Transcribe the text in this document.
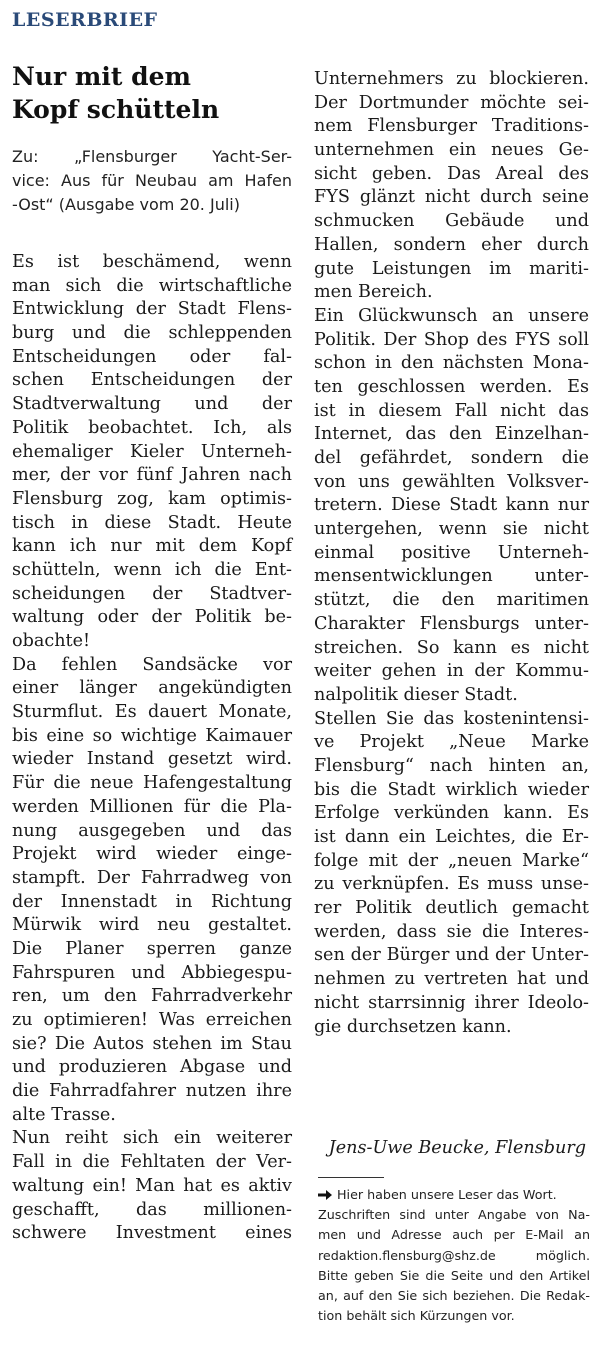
LESERBRIEF
Nur mit dem
Kopf schütteln
Zu: „Flensburger Yacht-Ser-
vice: Aus für Neubau am Hafen
-Ost“ (Ausgabe vom 20. Juli)
Es ist beschämend, wenn
man sich die wirtschaftliche
Entwicklung der Stadt Flens-
burg und die schleppenden
Entscheidungen oder fal-
schen Entscheidungen der
Stadtverwaltung und der
Politik beobachtet. Ich, als
ehemaliger Kieler Unterneh-
mer, der vor fünf Jahren nach
Flensburg zog, kam optimis-
tisch in diese Stadt. Heute
kann ich nur mit dem Kopf
schütteln, wenn ich die Ent-
scheidungen der Stadtver-
waltung oder der Politik be-
obachte!
Da fehlen Sandsäcke vor
einer länger angekündigten
Sturmflut. Es dauert Monate,
bis eine so wichtige Kaimauer
wieder Instand gesetzt wird.
Für die neue Hafengestaltung
werden Millionen für die Pla-
nung ausgegeben und das
Projekt wird wieder einge-
stampft. Der Fahrradweg von
der Innenstadt in Richtung
Mürwik wird neu gestaltet.
Die Planer sperren ganze
Fahrspuren und Abbiegespu-
ren, um den Fahrradverkehr
zu optimieren! Was erreichen
sie? Die Autos stehen im Stau
und produzieren Abgase und
die Fahrradfahrer nutzen ihre
alte Trasse.
Nun reiht sich ein weiterer
Fall in die Fehltaten der Ver-
waltung ein! Man hat es aktiv
geschafft, das millionen-
schwere Investment eines
Unternehmers zu blockieren.
Der Dortmunder möchte sei-
nem Flensburger Traditions-
unternehmen ein neues Ge-
sicht geben. Das Areal des
FYS glänzt nicht durch seine
schmucken Gebäude und
Hallen, sondern eher durch
gute Leistungen im mariti-
men Bereich.
Ein Glückwunsch an unsere
Politik. Der Shop des FYS soll
schon in den nächsten Mona-
ten geschlossen werden. Es
ist in diesem Fall nicht das
Internet, das den Einzelhan-
del gefährdet, sondern die
von uns gewählten Volksver-
tretern. Diese Stadt kann nur
untergehen, wenn sie nicht
einmal positive Unterneh-
mensentwicklungen unter-
stützt, die den maritimen
Charakter Flensburgs unter-
streichen. So kann es nicht
weiter gehen in der Kommu-
nalpolitik dieser Stadt.
Stellen Sie das kostenintensi-
ve Projekt „Neue Marke
Flensburg“ nach hinten an,
bis die Stadt wirklich wieder
Erfolge verkünden kann. Es
ist dann ein Leichtes, die Er-
folge mit der „neuen Marke“
zu verknüpfen. Es muss unse-
rer Politik deutlich gemacht
werden, dass sie die Interes-
sen der Bürger und der Unter-
nehmen zu vertreten hat und
nicht starrsinnig ihrer Ideolo-
gie durchsetzen kann.
Jens-Uwe Beucke, Flensburg
Hier haben unsere Leser das Wort.
Zuschriften sind unter Angabe von Na-
men und Adresse auch per E-Mail an
redaktion.flensburg@shz.de möglich.
Bitte geben Sie die Seite und den Artikel
an, auf den Sie sich beziehen. Die Redak-
tion behält sich Kürzungen vor.
